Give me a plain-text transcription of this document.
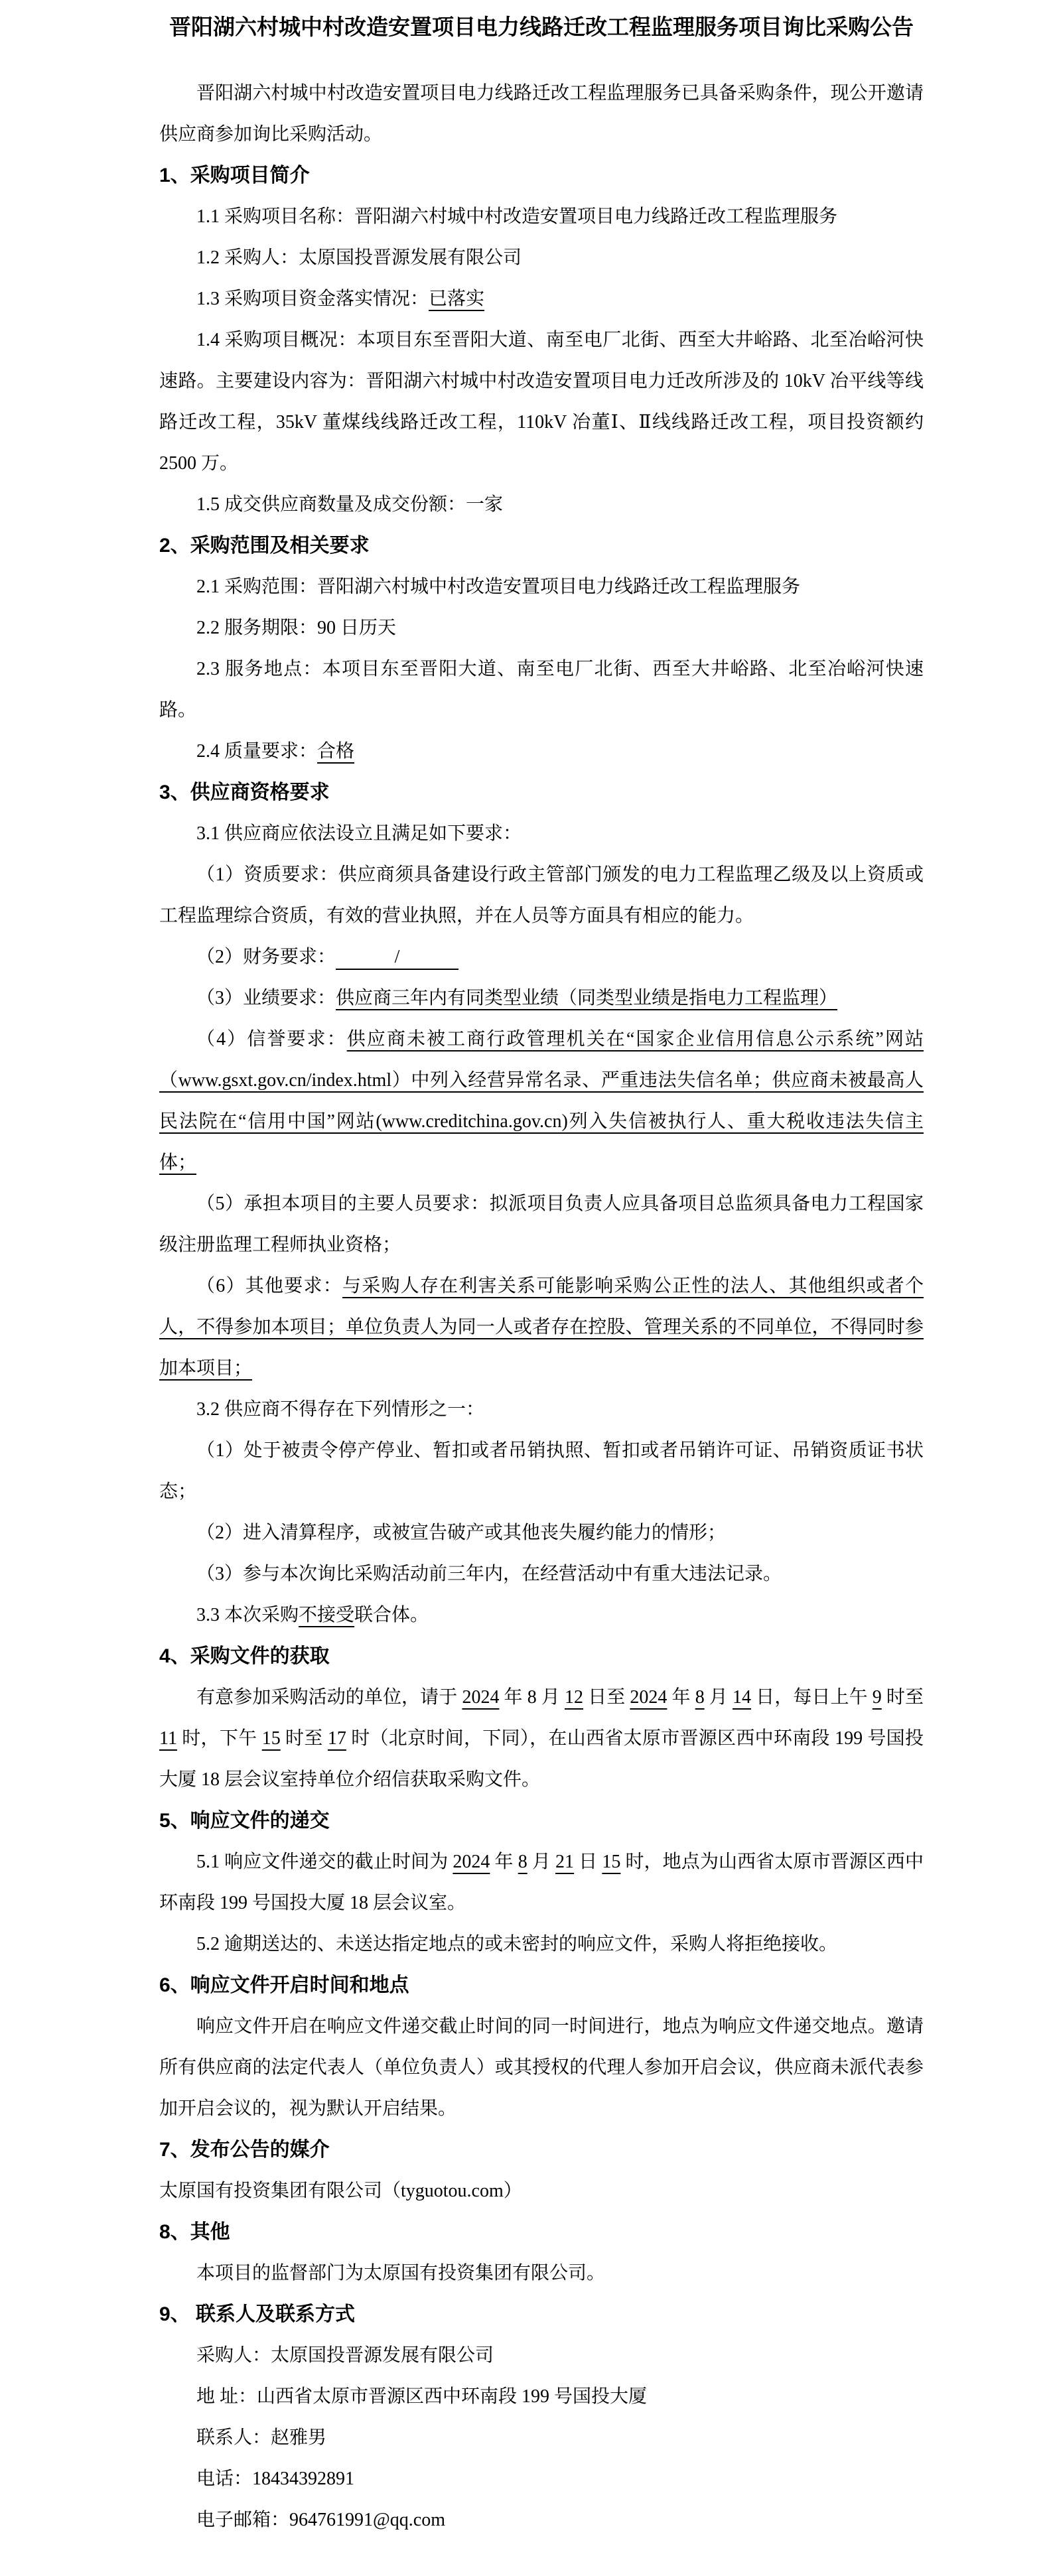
晋阳湖六村城中村改造安置项目电力线路迁改工程监理服务项目询比采购公告

晋阳湖六村城中村改造安置项目电力线路迁改工程监理服务已具备采购条件，现公开邀请供应商参加询比采购活动。

1、采购项目简介

1.1 采购项目名称：晋阳湖六村城中村改造安置项目电力线路迁改工程监理服务

1.2 采购人：太原国投晋源发展有限公司

1.3 采购项目资金落实情况：已落实

1.4 采购项目概况：本项目东至晋阳大道、南至电厂北街、西至大井峪路、北至冶峪河快速路。主要建设内容为：晋阳湖六村城中村改造安置项目电力迁改所涉及的 10kV 冶平线等线路迁改工程，35kV 董煤线线路迁改工程，110kV 冶董Ⅰ、Ⅱ线线路迁改工程，项目投资额约 2500 万。

1.5 成交供应商数量及成交份额：一家

2、采购范围及相关要求

2.1 采购范围：晋阳湖六村城中村改造安置项目电力线路迁改工程监理服务

2.2 服务期限：90 日历天

2.3 服务地点：本项目东至晋阳大道、南至电厂北街、西至大井峪路、北至冶峪河快速路。

2.4 质量要求：合格

3、供应商资格要求

3.1 供应商应依法设立且满足如下要求：

（1）资质要求：供应商须具备建设行政主管部门颁发的电力工程监理乙级及以上资质或工程监理综合资质，有效的营业执照，并在人员等方面具有相应的能力。

（2）财务要求：	/

（3）业绩要求：供应商三年内有同类型业绩（同类型业绩是指电力工程监理）

（4）信誉要求：供应商未被工商行政管理机关在“国家企业信用信息公示系统”网站（www.gsxt.gov.cn/index.html）中列入经营异常名录、严重违法失信名单；供应商未被最高人民法院在“信用中国”网站(www.creditchina.gov.cn)列入失信被执行人、重大税收违法失信主体；

（5）承担本项目的主要人员要求：拟派项目负责人应具备项目总监须具备电力工程国家级注册监理工程师执业资格；

（6）其他要求：与采购人存在利害关系可能影响采购公正性的法人、其他组织或者个人，不得参加本项目；单位负责人为同一人或者存在控股、管理关系的不同单位，不得同时参加本项目；

3.2 供应商不得存在下列情形之一：

（1）处于被责令停产停业、暂扣或者吊销执照、暂扣或者吊销许可证、吊销资质证书状态；

（2）进入清算程序，或被宣告破产或其他丧失履约能力的情形；

（3）参与本次询比采购活动前三年内，在经营活动中有重大违法记录。

3.3 本次采购不接受联合体。

4、采购文件的获取

有意参加采购活动的单位，请于 2024 年 8 月 12 日至 2024 年 8 月 14 日，每日上午 9 时至 11 时，下午 15 时至 17 时（北京时间，下同），在山西省太原市晋源区西中环南段 199 号国投大厦 18 层会议室持单位介绍信获取采购文件。

5、响应文件的递交

5.1 响应文件递交的截止时间为 2024 年 8 月 21 日 15 时，地点为山西省太原市晋源区西中环南段 199 号国投大厦 18 层会议室。

5.2 逾期送达的、未送达指定地点的或未密封的响应文件，采购人将拒绝接收。

6、响应文件开启时间和地点

响应文件开启在响应文件递交截止时间的同一时间进行，地点为响应文件递交地点。邀请所有供应商的法定代表人（单位负责人）或其授权的代理人参加开启会议，供应商未派代表参加开启会议的，视为默认开启结果。

7、发布公告的媒介

太原国有投资集团有限公司（tyguotou.com）

8、其他

本项目的监督部门为太原国有投资集团有限公司。

9、 联系人及联系方式

采购人：太原国投晋源发展有限公司

地 址：山西省太原市晋源区西中环南段 199 号国投大厦

联系人：赵雅男

电话：18434392891

电子邮箱：964761991@qq.com
